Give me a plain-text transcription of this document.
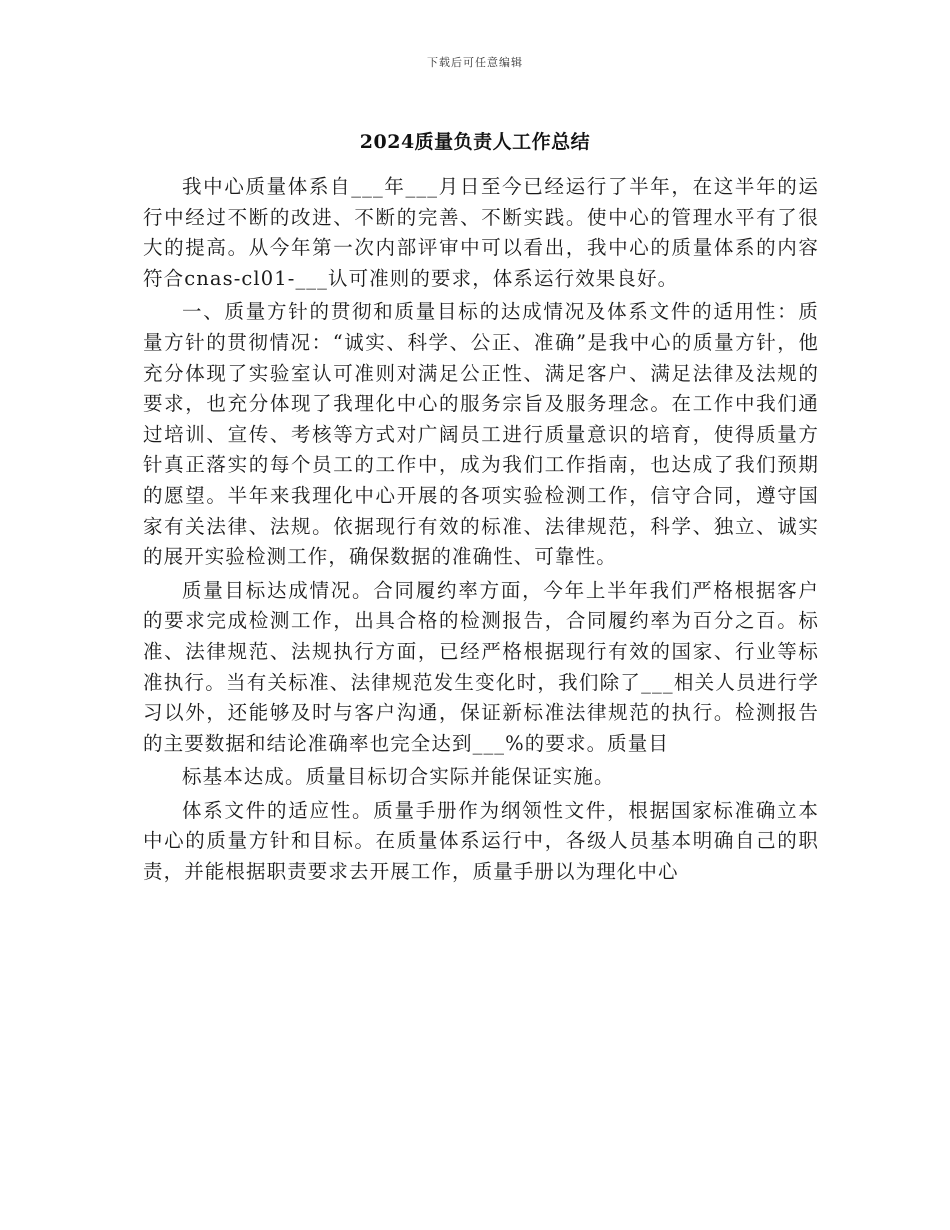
下载后可任意编辑
2024质量负责人工作总结

我中心质量体系自___年___月日至今已经运行了半年，在这半年的运行中经过不断的改进、不断的完善、不断实践。使中心的管理水平有了很大的提高。从今年第一次内部评审中可以看出，我中心的质量体系的内容符合cnas-cl01-___认可准则的要求，体系运行效果良好。

一、质量方针的贯彻和质量目标的达成情况及体系文件的适用性：质量方针的贯彻情况：“诚实、科学、公正、准确”是我中心的质量方针，他充分体现了实验室认可准则对满足公正性、满足客户、满足法律及法规的要求，也充分体现了我理化中心的服务宗旨及服务理念。在工作中我们通过培训、宣传、考核等方式对广阔员工进行质量意识的培育，使得质量方针真正落实的每个员工的工作中，成为我们工作指南，也达成了我们预期的愿望。半年来我理化中心开展的各项实验检测工作，信守合同，遵守国家有关法律、法规。依据现行有效的标准、法律规范，科学、独立、诚实的展开实验检测工作，确保数据的准确性、可靠性。

质量目标达成情况。合同履约率方面，今年上半年我们严格根据客户的要求完成检测工作，出具合格的检测报告，合同履约率为百分之百。标准、法律规范、法规执行方面，已经严格根据现行有效的国家、行业等标准执行。当有关标准、法律规范发生变化时，我们除了___相关人员进行学习以外，还能够及时与客户沟通，保证新标准法律规范的执行。检测报告的主要数据和结论准确率也完全达到___%的要求。质量目

标基本达成。质量目标切合实际并能保证实施。

体系文件的适应性。质量手册作为纲领性文件，根据国家标准确立本中心的质量方针和目标。在质量体系运行中，各级人员基本明确自己的职责，并能根据职责要求去开展工作，质量手册以为理化中心
